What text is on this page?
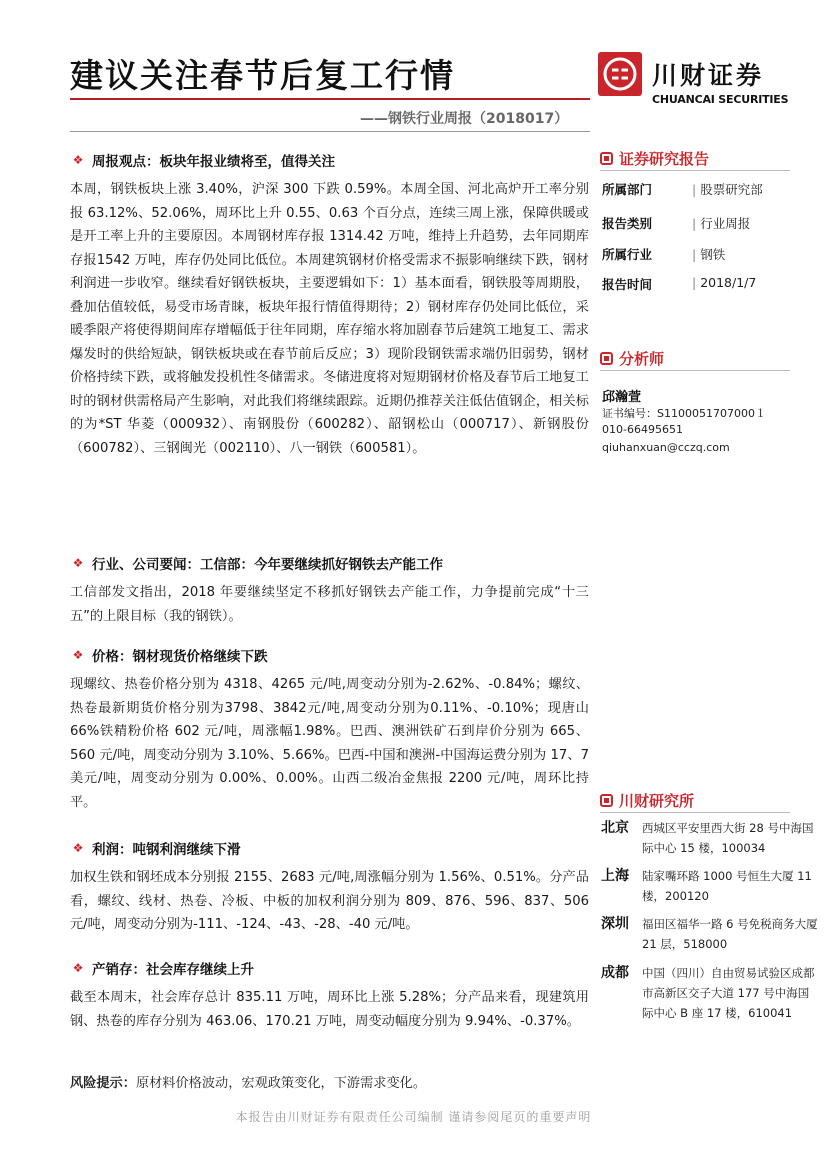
建议关注春节后复工行情
——钢铁行业周报（2018017）
川财证券
CHUANCAI SECURITIES
❖ 周报观点：板块年报业绩将至，值得关注
本周，钢铁板块上涨 3.40%，沪深 300 下跌 0.59%。本周全国、河北高炉开工率分别报 63.12%、52.06%，周环比上升 0.55、0.63 个百分点，连续三周上涨，保障供暖或是开工率上升的主要原因。本周钢材库存报 1314.42 万吨，维持上升趋势，去年同期库存报1542 万吨，库存仍处同比低位。本周建筑钢材价格受需求不振影响继续下跌，钢材利润进一步收窄。继续看好钢铁板块，主要逻辑如下：1）基本面看，钢铁股等周期股，叠加估值较低，易受市场青睐，板块年报行情值得期待；2）钢材库存仍处同比低位，采暖季限产将使得期间库存增幅低于往年同期，库存缩水将加剧春节后建筑工地复工、需求爆发时的供给短缺，钢铁板块或在春节前后反应；3）现阶段钢铁需求端仍旧弱势，钢材价格持续下跌，或将触发投机性冬储需求。冬储进度将对短期钢材价格及春节后工地复工时的钢材供需格局产生影响，对此我们将继续跟踪。近期仍推荐关注低估值钢企，相关标的为*ST 华菱（000932）、南钢股份（600282）、韶钢松山（000717）、新钢股份（600782）、三钢闽光（002110）、八一钢铁（600581）。
❖ 行业、公司要闻：工信部：今年要继续抓好钢铁去产能工作
工信部发文指出，2018 年要继续坚定不移抓好钢铁去产能工作，力争提前完成“十三五”的上限目标（我的钢铁）。
❖ 价格：钢材现货价格继续下跌
现螺纹、热卷价格分别为 4318、4265 元/吨,周变动分别为-2.62%、-0.84%；螺纹、热卷最新期货价格分别为3798、3842元/吨,周变动分别为0.11%、-0.10%；现唐山 66%铁精粉价格 602 元/吨，周涨幅1.98%。巴西、澳洲铁矿石到岸价分别为 665、560 元/吨，周变动分别为 3.10%、5.66%。巴西-中国和澳洲-中国海运费分别为 17、7 美元/吨，周变动分别为 0.00%、0.00%。山西二级冶金焦报 2200 元/吨，周环比持平。
❖ 利润：吨钢利润继续下滑
加权生铁和钢坯成本分别报 2155、2683 元/吨,周涨幅分别为 1.56%、0.51%。分产品看，螺纹、线材、热卷、冷板、中板的加权利润分别为 809、876、596、837、506 元/吨，周变动分别为-111、-124、-43、-28、-40 元/吨。
❖ 产销存：社会库存继续上升
截至本周末，社会库存总计 835.11 万吨，周环比上涨 5.28%；分产品来看，现建筑用钢、热卷的库存分别为 463.06、170.21 万吨，周变动幅度分别为 9.94%、-0.37%。
风险提示：原材料价格波动，宏观政策变化，下游需求变化。
证券研究报告
所属部门	| 股票研究部
报告类别	| 行业周报
所属行业	| 钢铁
报告时间	| 2018/1/7
分析师
邱瀚萱
证书编号：S1100051707000１
010-66495651
qiuhanxuan@cczq.com
川财研究所
北京 西城区平安里西大街 28 号中海国际中心 15 楼，100034
上海 陆家嘴环路 1000 号恒生大厦 11 楼，200120
深圳 福田区福华一路 6 号免税商务大厦 21 层，518000
成都 中国（四川）自由贸易试验区成都市高新区交子大道 177 号中海国际中心 B 座 17 楼，610041
本报告由川财证券有限责任公司编制 谨请参阅尾页的重要声明
